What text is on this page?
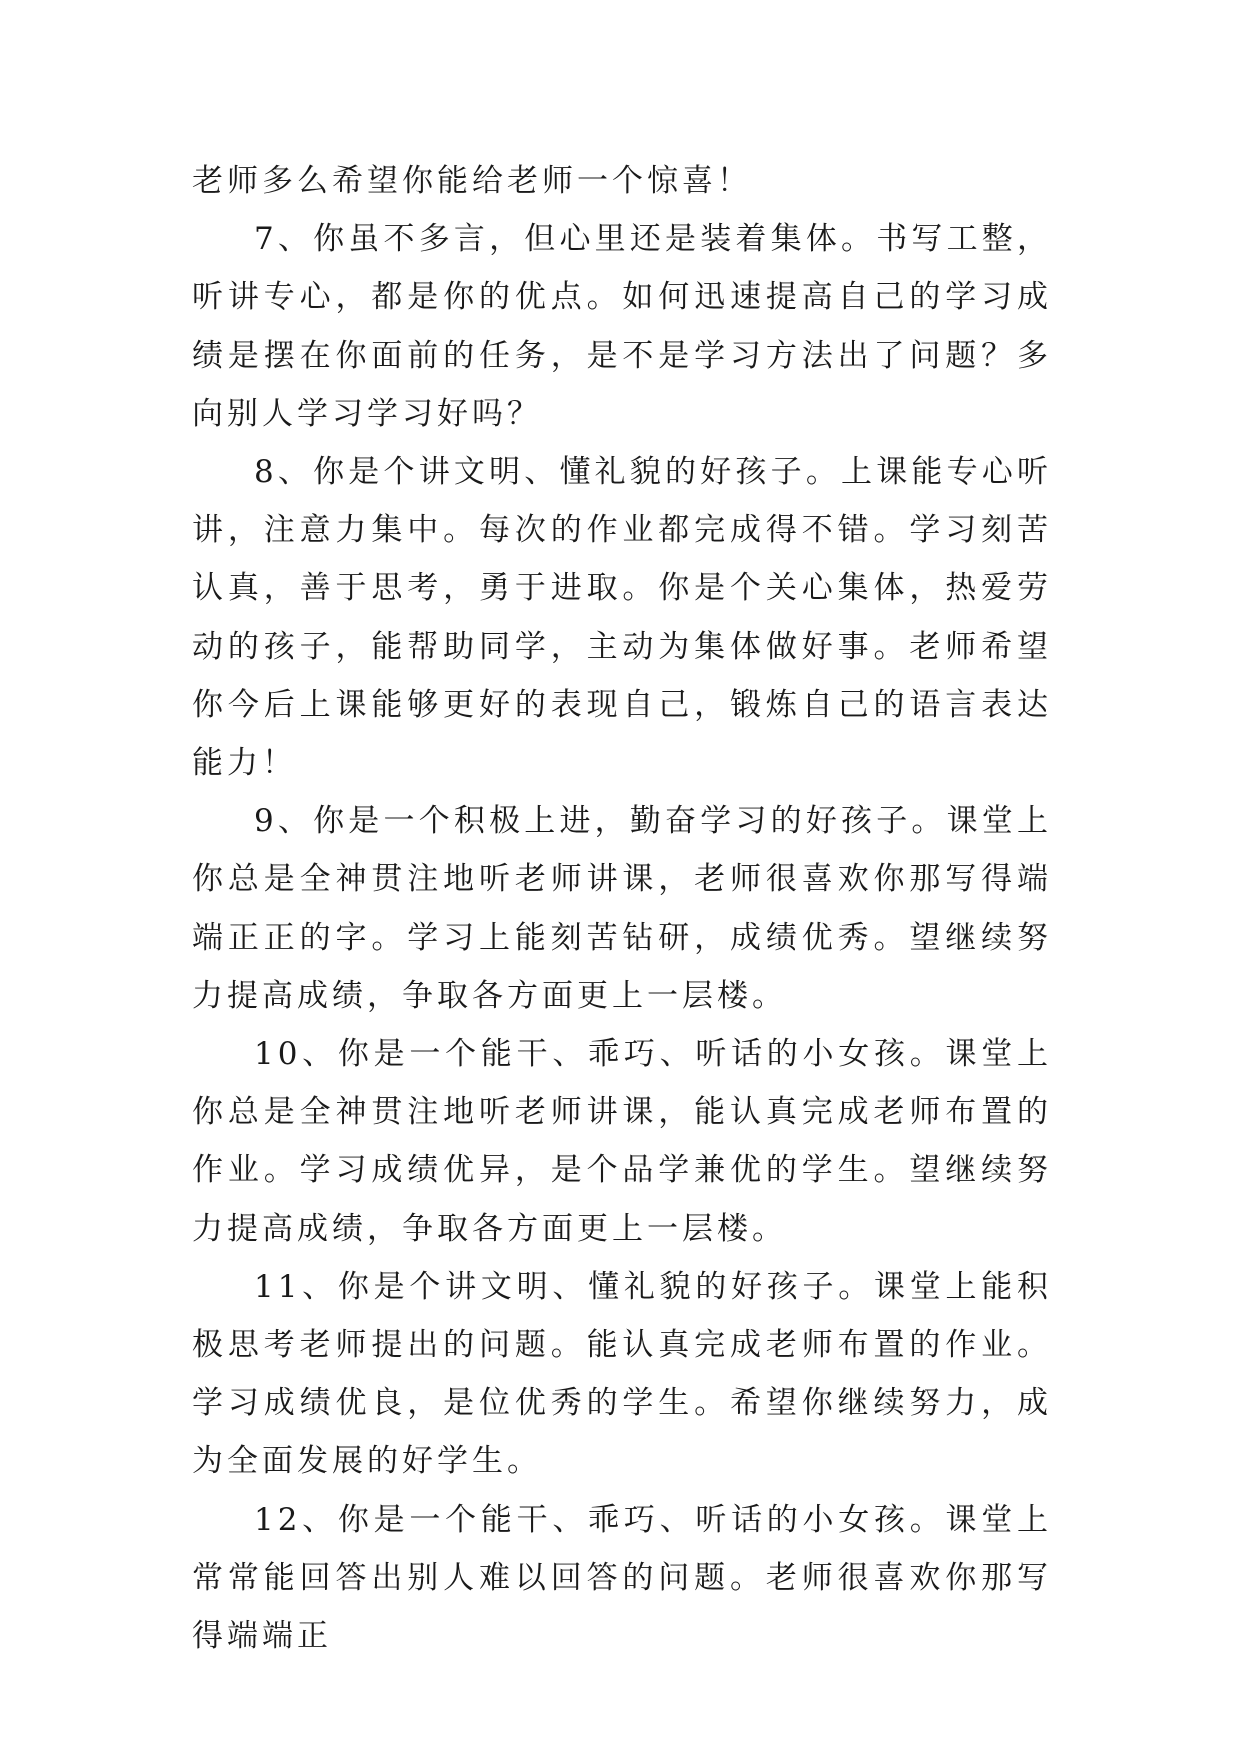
老师多么希望你能给老师一个惊喜！

7、你虽不多言，但心里还是装着集体。书写工整，听讲专心，都是你的优点。如何迅速提高自己的学习成绩是摆在你面前的任务，是不是学习方法出了问题？多向别人学习学习好吗？

8、你是个讲文明、懂礼貌的好孩子。上课能专心听讲，注意力集中。每次的作业都完成得不错。学习刻苦认真，善于思考，勇于进取。你是个关心集体，热爱劳动的孩子，能帮助同学，主动为集体做好事。老师希望你今后上课能够更好的表现自己，锻炼自己的语言表达能力！

9、你是一个积极上进，勤奋学习的好孩子。课堂上你总是全神贯注地听老师讲课，老师很喜欢你那写得端端正正的字。学习上能刻苦钻研，成绩优秀。望继续努力提高成绩，争取各方面更上一层楼。

10、你是一个能干、乖巧、听话的小女孩。课堂上你总是全神贯注地听老师讲课，能认真完成老师布置的作业。学习成绩优异，是个品学兼优的学生。望继续努力提高成绩，争取各方面更上一层楼。

11、你是个讲文明、懂礼貌的好孩子。课堂上能积极思考老师提出的问题。能认真完成老师布置的作业。学习成绩优良，是位优秀的学生。希望你继续努力，成为全面发展的好学生。

12、你是一个能干、乖巧、听话的小女孩。课堂上常常能回答出别人难以回答的问题。老师很喜欢你那写得端端正
